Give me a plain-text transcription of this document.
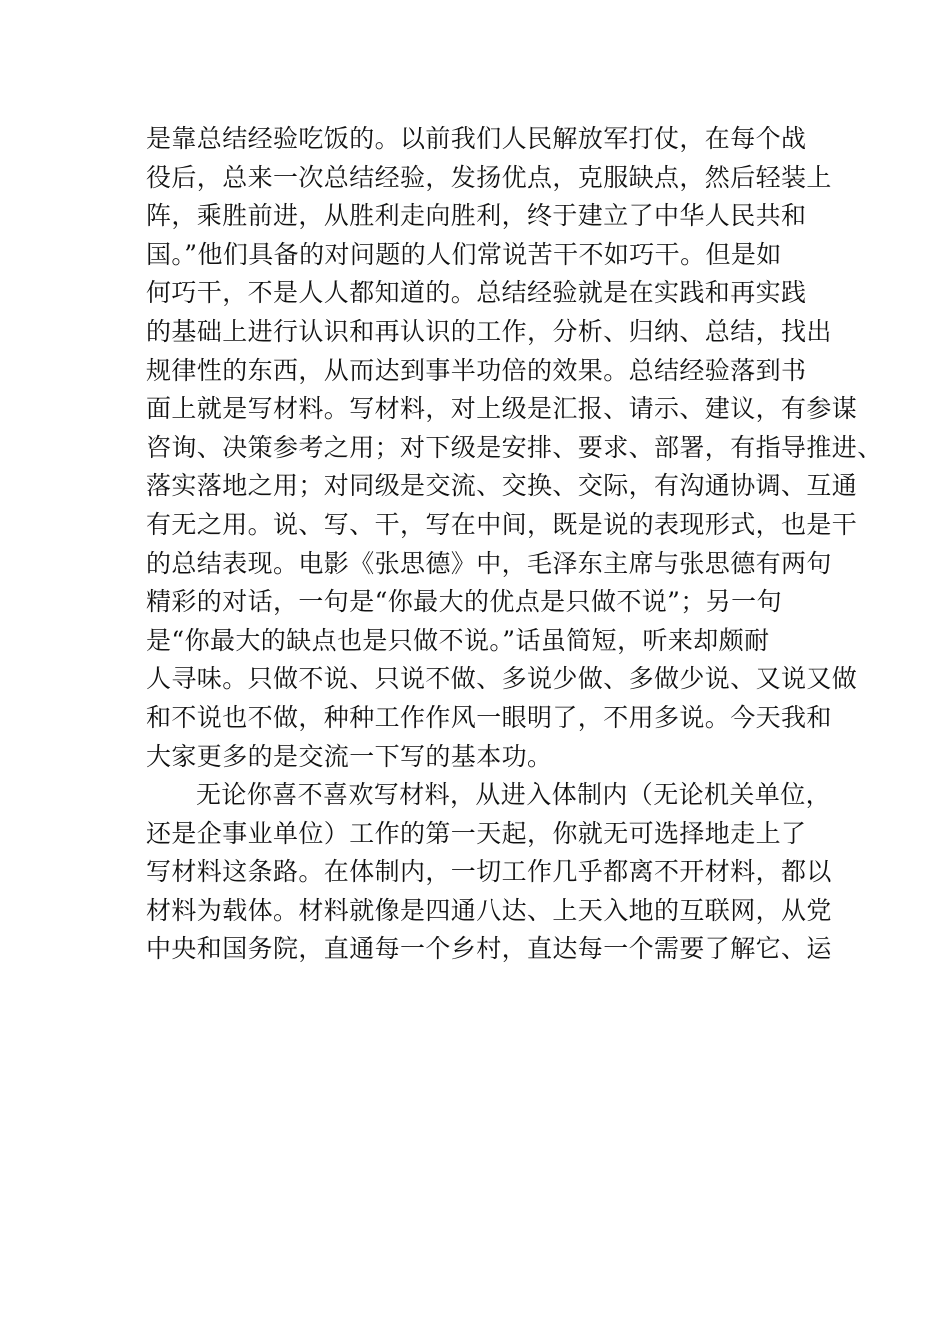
是靠总结经验吃饭的。以前我们人民解放军打仗，在每个战
役后，总来一次总结经验，发扬优点，克服缺点，然后轻装上
阵，乘胜前进，从胜利走向胜利，终于建立了中华人民共和
国。”他们具备的对问题的人们常说苦干不如巧干。但是如
何巧干，不是人人都知道的。总结经验就是在实践和再实践
的基础上进行认识和再认识的工作，分析、归纳、总结，找出
规律性的东西，从而达到事半功倍的效果。总结经验落到书
面上就是写材料。写材料，对上级是汇报、请示、建议，有参谋
咨询、决策参考之用；对下级是安排、要求、部署，有指导推进、
落实落地之用；对同级是交流、交换、交际，有沟通协调、互通
有无之用。说、写、干，写在中间，既是说的表现形式，也是干
的总结表现。电影《张思德》中，毛泽东主席与张思德有两句
精彩的对话，一句是“你最大的优点是只做不说”；另一句
是“你最大的缺点也是只做不说。”话虽简短，听来却颇耐
人寻味。只做不说、只说不做、多说少做、多做少说、又说又做
和不说也不做，种种工作作风一眼明了，不用多说。今天我和
大家更多的是交流一下写的基本功。
无论你喜不喜欢写材料，从进入体制内（无论机关单位，
还是企事业单位）工作的第一天起，你就无可选择地走上了
写材料这条路。在体制内，一切工作几乎都离不开材料，都以
材料为载体。材料就像是四通八达、上天入地的互联网，从党
中央和国务院，直通每一个乡村，直达每一个需要了解它、运
